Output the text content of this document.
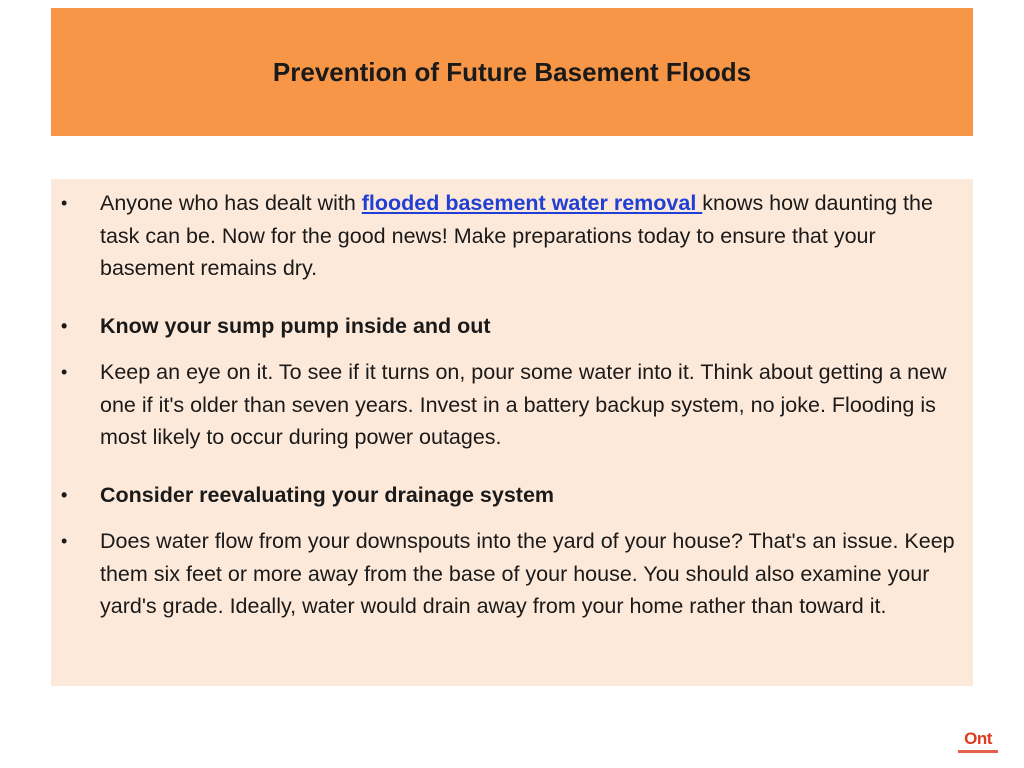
Prevention of Future Basement Floods
• Anyone who has dealt with flooded basement water removal knows how daunting the task can be. Now for the good news! Make preparations today to ensure that your basement remains dry.
• Know your sump pump inside and out
• Keep an eye on it. To see if it turns on, pour some water into it. Think about getting a new one if it's older than seven years. Invest in a battery backup system, no joke. Flooding is most likely to occur during power outages.
• Consider reevaluating your drainage system
• Does water flow from your downspouts into the yard of your house? That's an issue. Keep them six feet or more away from the base of your house. You should also examine your yard's grade. Ideally, water would drain away from your home rather than toward it.
Ont
